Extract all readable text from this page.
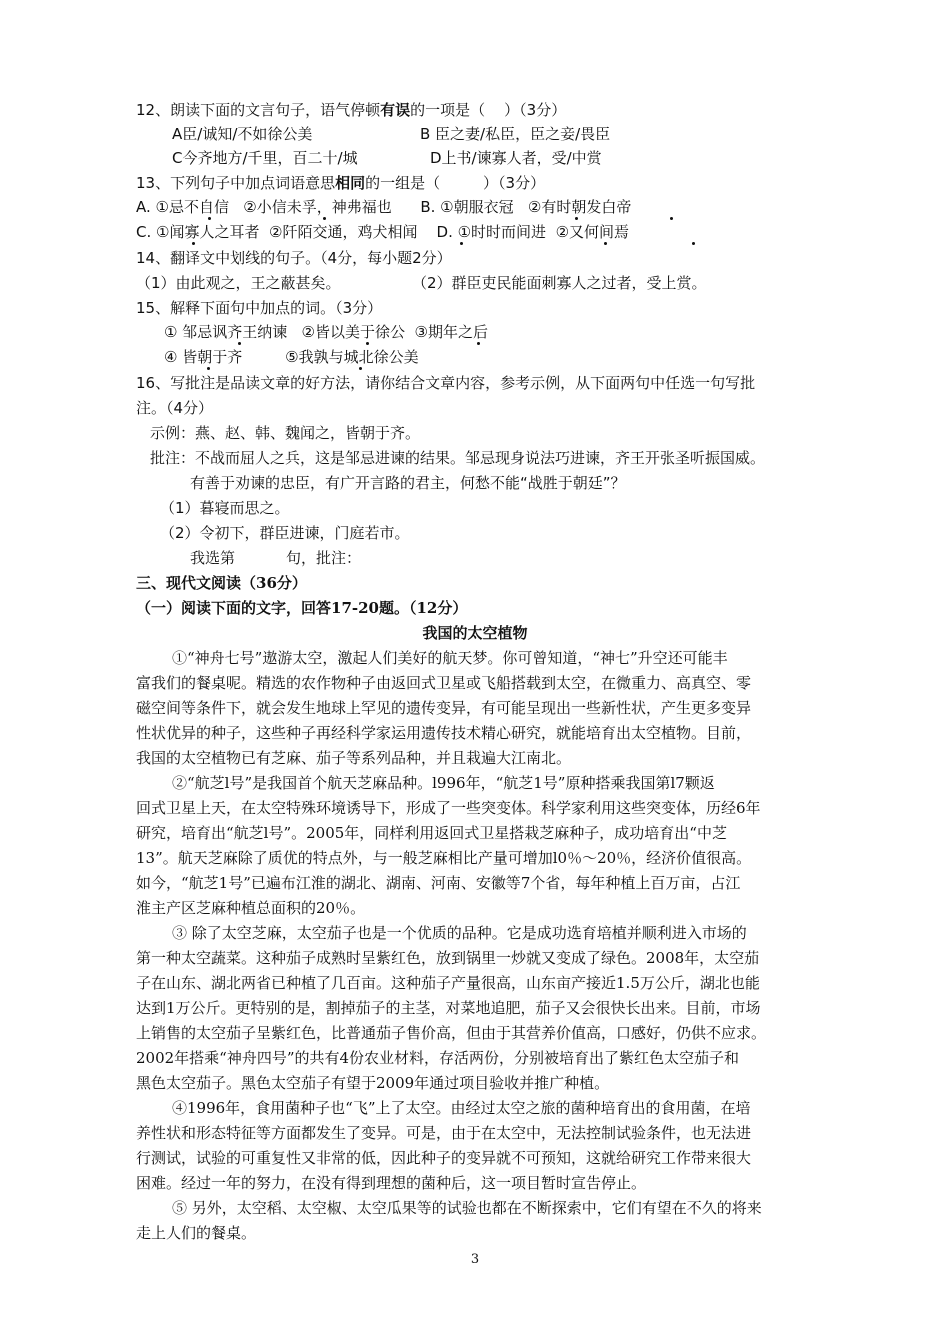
12、朗读下面的文言句子，语气停顿有误的一项是（    ）（3分）
A臣/诚知/不如徐公美	B 臣之妻/私臣，臣之妾/畏臣
C今齐地方/千里，百二十/城	D上书/谏寡人者，受/中赏
13、下列句子中加点词语意思相同的一组是（         ）（3分）
A. ①忌不自信   ②小信未孚，神弗福也      B. ①朝服衣冠   ②有时朝发白帝
C. ①闻寡人之耳者  ②阡陌交通，鸡犬相闻    D. ①时时而间进  ②又何间焉
14、翻译文中划线的句子。（4分，每小题2分）
（1）由此观之，王之蔽甚矣。	（2）群臣吏民能面刺寡人之过者，受上赏。
15、解释下面句中加点的词。（3分）
① 邹忌讽齐王纳谏   ②皆以美于徐公  ③期年之后
④ 皆朝于齐         ⑤我孰与城北徐公美
16、写批注是品读文章的好方法，请你结合文章内容，参考示例，从下面两句中任选一句写批
注。（4分）
示例：燕、赵、韩、魏闻之，皆朝于齐。
批注：不战而屈人之兵，这是邹忌进谏的结果。邹忌现身说法巧进谏，齐王开张圣听振国威。
有善于劝谏的忠臣，有广开言路的君主，何愁不能“战胜于朝廷”？
（1）暮寝而思之。
（2）令初下，群臣进谏，门庭若市。
我选第	句，批注：
三、现代文阅读（36分）
（一）阅读下面的文字，回答17-20题。（12分）
我国的太空植物
①“神舟七号”遨游太空，激起人们美好的航天梦。你可曾知道，“神七”升空还可能丰
富我们的餐桌呢。精选的农作物种子由返回式卫星或飞船搭载到太空，在微重力、高真空、零
磁空间等条件下，就会发生地球上罕见的遗传变异，有可能呈现出一些新性状，产生更多变异
性状优异的种子，这些种子再经科学家运用遗传技术精心研究，就能培育出太空植物。目前，
我国的太空植物已有芝麻、茄子等系列品种，并且栽遍大江南北。
②“航芝l号”是我国首个航天芝麻品种。l996年，“航芝1号”原种搭乘我国第l7颗返
回式卫星上天，在太空特殊环境诱导下，形成了一些突变体。科学家利用这些突变体，历经6年
研究，培育出“航芝l号”。2005年，同样利用返回式卫星搭栽芝麻种子，成功培育出“中芝
13”。航天芝麻除了质优的特点外，与一般芝麻相比产量可增加l0％～20％，经济价值很高。
如今，“航芝1号”已遍布江淮的湖北、湖南、河南、安徽等7个省，每年种植上百万亩，占江
淮主产区芝麻种植总面积的20％。
③ 除了太空芝麻，太空茄子也是一个优质的品种。它是成功选育培植并顺利进入市场的
第一种太空蔬菜。这种茄子成熟时呈紫红色，放到锅里一炒就又变成了绿色。2008年，太空茄
子在山东、湖北两省已种植了几百亩。这种茄子产量很高，山东亩产接近1.5万公斤，湖北也能
达到1万公斤。更特别的是，割掉茄子的主茎，对菜地追肥，茄子又会很快长出来。目前，市场
上销售的太空茄子呈紫红色，比普通茄子售价高，但由于其营养价值高，口感好，仍供不应求。
2002年搭乘“神舟四号”的共有4份农业材料，存活两份，分别被培育出了紫红色太空茄子和
黑色太空茄子。黑色太空茄子有望于2009年通过项目验收并推广种植。
④1996年，食用菌种子也“飞”上了太空。由经过太空之旅的菌种培育出的食用菌，在培
养性状和形态特征等方面都发生了变异。可是，由于在太空中，无法控制试验条件，也无法进
行测试，试验的可重复性又非常的低，因此种子的变异就不可预知，这就给研究工作带来很大
困难。经过一年的努力，在没有得到理想的菌种后，这一项目暂时宣告停止。
⑤ 另外，太空稻、太空椒、太空瓜果等的试验也都在不断探索中，它们有望在不久的将来
走上人们的餐桌。
3
